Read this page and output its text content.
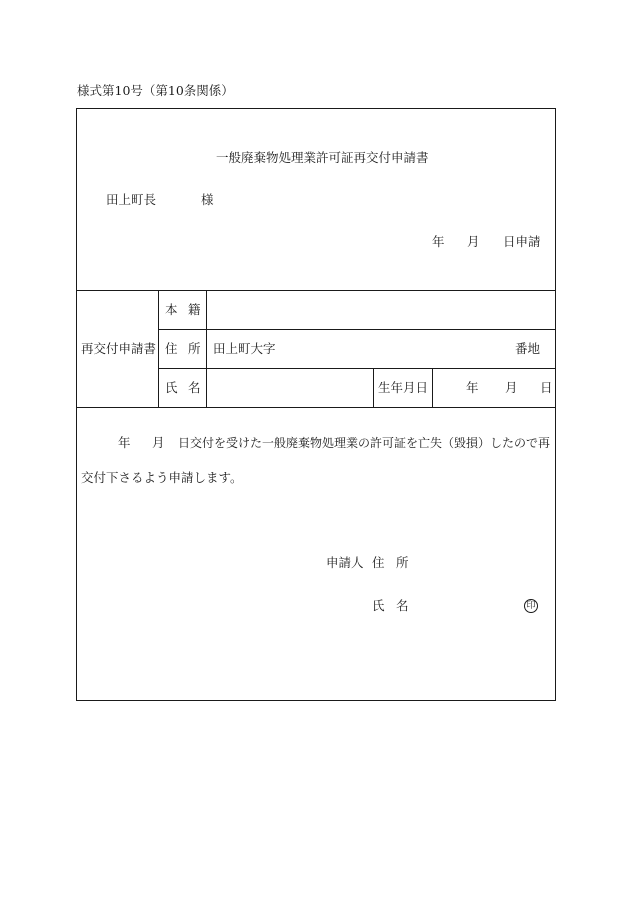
様式第10号（第10条関係）
一般廃棄物処理業許可証再交付申請書
田上町長	様
年 月 日申請
再交付申請書
本 籍
住 所 田上町大字	番地
氏 名	生年月日	年 月 日
年 月 日交付を受けた一般廃棄物処理業の許可証を亡失（毀損）したので再
交付下さるよう申請します。
申請人 住 所
氏 名	印
